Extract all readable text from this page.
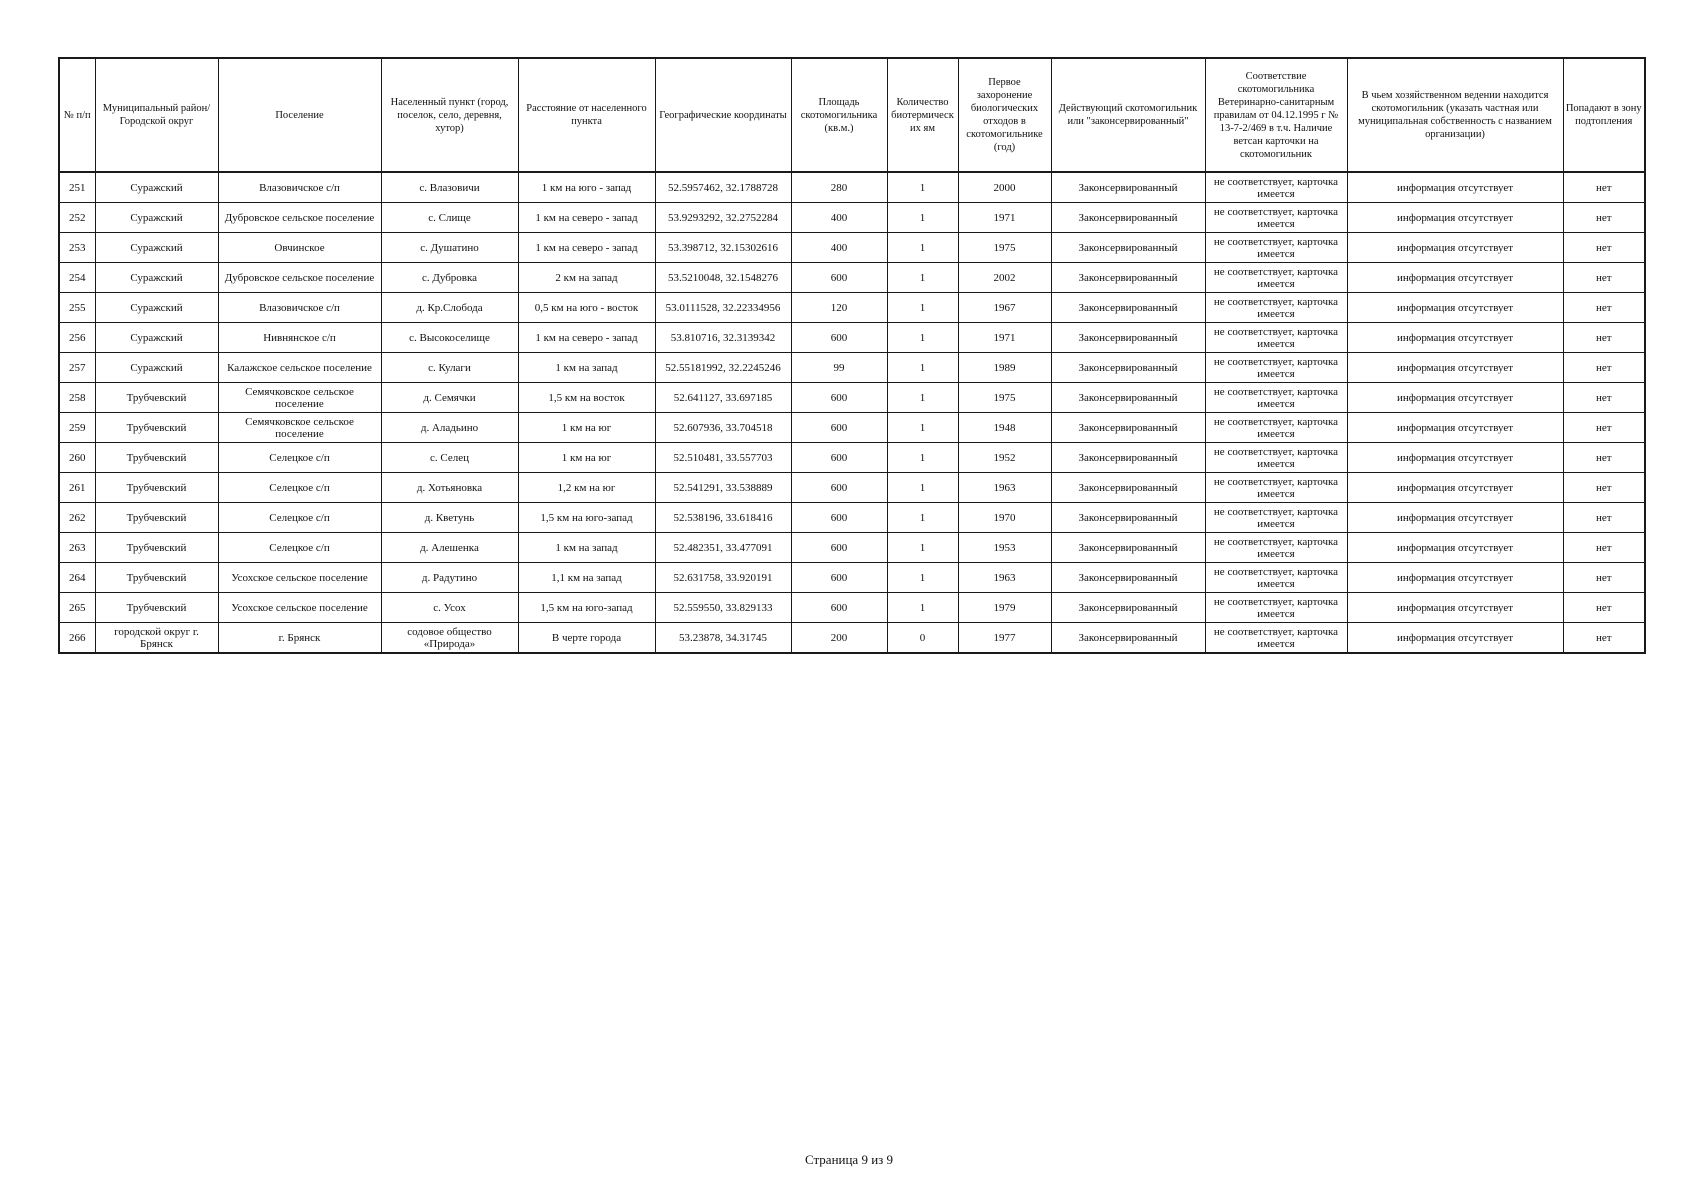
№ п/п	Муниципальный район/Городской округ	Поселение	Населенный пункт (город, поселок, село, деревня, хутор)	Расстояние от населенного пункта	Географические координаты	Площадь скотомогильника (кв.м.)	Количество биотермических ям	Первое захоронение биологических отходов в скотомогильнике (год)	Действующий скотомогильник или "законсервированный"	Соответствие скотомогильника Ветеринарно-санитарным правилам от 04.12.1995 г № 13-7-2/469 в т.ч. Наличие ветсан карточки на скотомогильник	В чьем хозяйственном ведении находится скотомогильник (указать частная или муниципальная собственность с названием организации)	Попадают в зону подтопления
251	Суражский	Влазовичское с/п	с. Влазовичи	1 км на юго - запад	52.5957462, 32.1788728	280	1	2000	Законсервированный	не соответствует, карточка имеется	информация отсутствует	нет
252	Суражский	Дубровское сельское поселение	с. Слище	1 км на северо - запад	53.9293292, 32.2752284	400	1	1971	Законсервированный	не соответствует, карточка имеется	информация отсутствует	нет
253	Суражский	Овчинское	с. Душатино	1 км на северо - запад	53.398712, 32.15302616	400	1	1975	Законсервированный	не соответствует, карточка имеется	информация отсутствует	нет
254	Суражский	Дубровское сельское поселение	с. Дубровка	2 км на запад	53.5210048, 32.1548276	600	1	2002	Законсервированный	не соответствует, карточка имеется	информация отсутствует	нет
255	Суражский	Влазовичское с/п	д. Кр.Слобода	0,5 км на юго - восток	53.0111528, 32.22334956	120	1	1967	Законсервированный	не соответствует, карточка имеется	информация отсутствует	нет
256	Суражский	Нивнянское с/п	с. Высокоселище	1 км на северо - запад	53.810716, 32.3139342	600	1	1971	Законсервированный	не соответствует, карточка имеется	информация отсутствует	нет
257	Суражский	Калажское сельское поселение	с. Кулаги	1 км на запад	52.55181992, 32.2245246	99	1	1989	Законсервированный	не соответствует, карточка имеется	информация отсутствует	нет
258	Трубчевский	Семячковское сельское поселение	д. Семячки	1,5 км на восток	52.641127, 33.697185	600	1	1975	Законсервированный	не соответствует, карточка имеется	информация отсутствует	нет
259	Трубчевский	Семячковское сельское поселение	д. Аладьино	1 км на юг	52.607936, 33.704518	600	1	1948	Законсервированный	не соответствует, карточка имеется	информация отсутствует	нет
260	Трубчевский	Селецкое с/п	с. Селец	1 км на юг	52.510481, 33.557703	600	1	1952	Законсервированный	не соответствует, карточка имеется	информация отсутствует	нет
261	Трубчевский	Селецкое с/п	д. Хотьяновка	1,2 км на юг	52.541291, 33.538889	600	1	1963	Законсервированный	не соответствует, карточка имеется	информация отсутствует	нет
262	Трубчевский	Селецкое с/п	д. Кветунь	1,5 км на юго-запад	52.538196, 33.618416	600	1	1970	Законсервированный	не соответствует, карточка имеется	информация отсутствует	нет
263	Трубчевский	Селецкое с/п	д. Алешенка	1 км на запад	52.482351, 33.477091	600	1	1953	Законсервированный	не соответствует, карточка имеется	информация отсутствует	нет
264	Трубчевский	Усохское сельское поселение	д. Радутино	1,1 км на запад	52.631758, 33.920191	600	1	1963	Законсервированный	не соответствует, карточка имеется	информация отсутствует	нет
265	Трубчевский	Усохское сельское поселение	с. Усох	1,5 км на юго-запад	52.559550, 33.829133	600	1	1979	Законсервированный	не соответствует, карточка имеется	информация отсутствует	нет
266	городской округ г. Брянск	г. Брянск	содовое общество «Природа»	В черте города	53.23878, 34.31745	200	0	1977	Законсервированный	не соответствует, карточка имеется	информация отсутствует	нет
Страница 9 из 9
